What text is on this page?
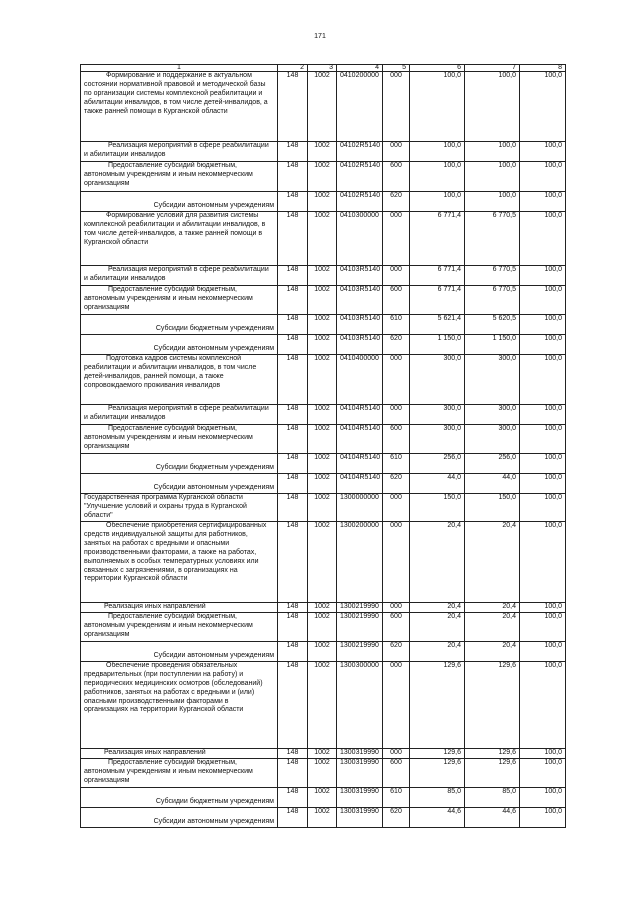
171
1	2	3	4	5	6	7	8
Формирование и поддержание в актуальном состоянии нормативной правовой и методической базы по организации системы комплексной реабилитации и абилитации инвалидов, в том числе детей-инвалидов, а также ранней помощи в Курганской области	148	1002	0410200000	000	100,0	100,0	100,0
Реализация мероприятий в сфере реабилитации и абилитации инвалидов	148	1002	04102R5140	000	100,0	100,0	100,0
Предоставление субсидий бюджетным, автономным учреждениям и иным некоммерческим организациям	148	1002	04102R5140	600	100,0	100,0	100,0
Субсидии автономным учреждениям	148	1002	04102R5140	620	100,0	100,0	100,0
Формирование условий для развития системы комплексной реабилитации и абилитации инвалидов, в том числе детей-инвалидов, а также ранней помощи в Курганской области	148	1002	0410300000	000	6 771,4	6 770,5	100,0
Реализация мероприятий в сфере реабилитации и абилитации инвалидов	148	1002	04103R5140	000	6 771,4	6 770,5	100,0
Предоставление субсидий бюджетным, автономным учреждениям и иным некоммерческим организациям	148	1002	04103R5140	600	6 771,4	6 770,5	100,0
Субсидии бюджетным учреждениям	148	1002	04103R5140	610	5 621,4	5 620,5	100,0
Субсидии автономным учреждениям	148	1002	04103R5140	620	1 150,0	1 150,0	100,0
Подготовка кадров системы комплексной реабилитации и абилитации инвалидов, в том числе детей-инвалидов, ранней помощи, а также сопровождаемого проживания инвалидов	148	1002	0410400000	000	300,0	300,0	100,0
Реализация мероприятий в сфере реабилитации и абилитации инвалидов	148	1002	04104R5140	000	300,0	300,0	100,0
Предоставление субсидий бюджетным, автономным учреждениям и иным некоммерческим организациям	148	1002	04104R5140	600	300,0	300,0	100,0
Субсидии бюджетным учреждениям	148	1002	04104R5140	610	256,0	256,0	100,0
Субсидии автономным учреждениям	148	1002	04104R5140	620	44,0	44,0	100,0
Государственная программа Курганской области "Улучшение условий и охраны труда в Курганской области"	148	1002	1300000000	000	150,0	150,0	100,0
Обеспечение приобретения сертифицированных средств индивидуальной защиты для работников, занятых на работах с вредными и опасными производственными факторами, а также на работах, выполняемых в особых температурных условиях или связанных с загрязнениями, в организациях на территории Курганской области	148	1002	1300200000	000	20,4	20,4	100,0
Реализация иных направлений	148	1002	1300219990	000	20,4	20,4	100,0
Предоставление субсидий бюджетным, автономным учреждениям и иным некоммерческим организациям	148	1002	1300219990	600	20,4	20,4	100,0
Субсидии автономным учреждениям	148	1002	1300219990	620	20,4	20,4	100,0
Обеспечение проведения обязательных предварительных (при поступлении на работу) и периодических медицинских осмотров (обследований) работников, занятых на работах с вредными и (или) опасными производственными факторами в организациях на территории Курганской области	148	1002	1300300000	000	129,6	129,6	100,0
Реализация иных направлений	148	1002	1300319990	000	129,6	129,6	100,0
Предоставление субсидий бюджетным, автономным учреждениям и иным некоммерческим организациям	148	1002	1300319990	600	129,6	129,6	100,0
Субсидии бюджетным учреждениям	148	1002	1300319990	610	85,0	85,0	100,0
Субсидии автономным учреждениям	148	1002	1300319990	620	44,6	44,6	100,0
